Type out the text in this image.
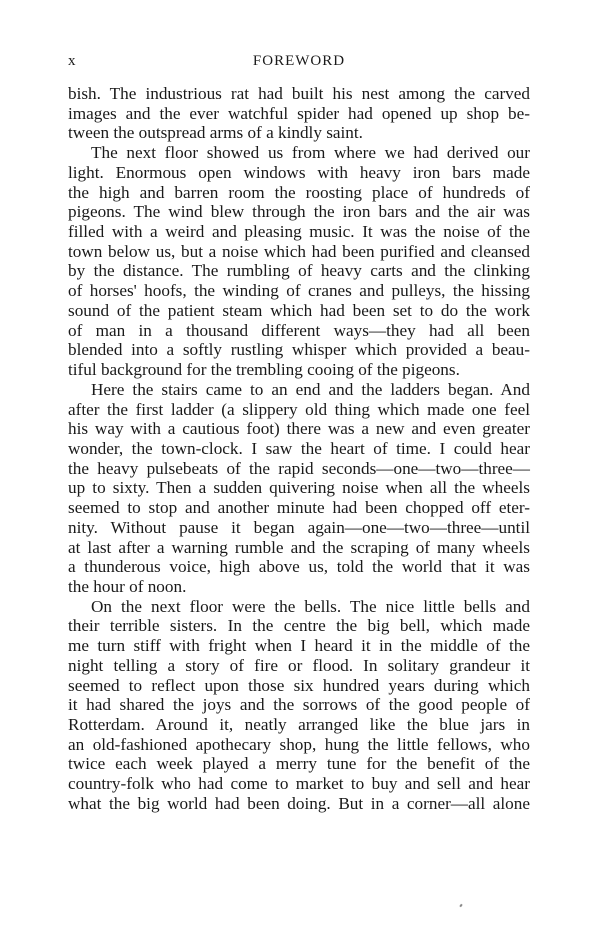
x	FOREWORD
bish. The industrious rat had built his nest among the carved
images and the ever watchful spider had opened up shop be-
tween the outspread arms of a kindly saint.
The next floor showed us from where we had derived our
light. Enormous open windows with heavy iron bars made
the high and barren room the roosting place of hundreds of
pigeons. The wind blew through the iron bars and the air was
filled with a weird and pleasing music. It was the noise of the
town below us, but a noise which had been purified and cleansed
by the distance. The rumbling of heavy carts and the clinking
of horses' hoofs, the winding of cranes and pulleys, the hissing
sound of the patient steam which had been set to do the work
of man in a thousand different ways—they had all been
blended into a softly rustling whisper which provided a beau-
tiful background for the trembling cooing of the pigeons.
Here the stairs came to an end and the ladders began. And
after the first ladder (a slippery old thing which made one feel
his way with a cautious foot) there was a new and even greater
wonder, the town-clock. I saw the heart of time. I could hear
the heavy pulsebeats of the rapid seconds—one—two—three—
up to sixty. Then a sudden quivering noise when all the wheels
seemed to stop and another minute had been chopped off eter-
nity. Without pause it began again—one—two—three—until
at last after a warning rumble and the scraping of many wheels
a thunderous voice, high above us, told the world that it was
the hour of noon.
On the next floor were the bells. The nice little bells and
their terrible sisters. In the centre the big bell, which made
me turn stiff with fright when I heard it in the middle of the
night telling a story of fire or flood. In solitary grandeur it
seemed to reflect upon those six hundred years during which
it had shared the joys and the sorrows of the good people of
Rotterdam. Around it, neatly arranged like the blue jars in
an old-fashioned apothecary shop, hung the little fellows, who
twice each week played a merry tune for the benefit of the
country-folk who had come to market to buy and sell and hear
what the big world had been doing. But in a corner—all alone
